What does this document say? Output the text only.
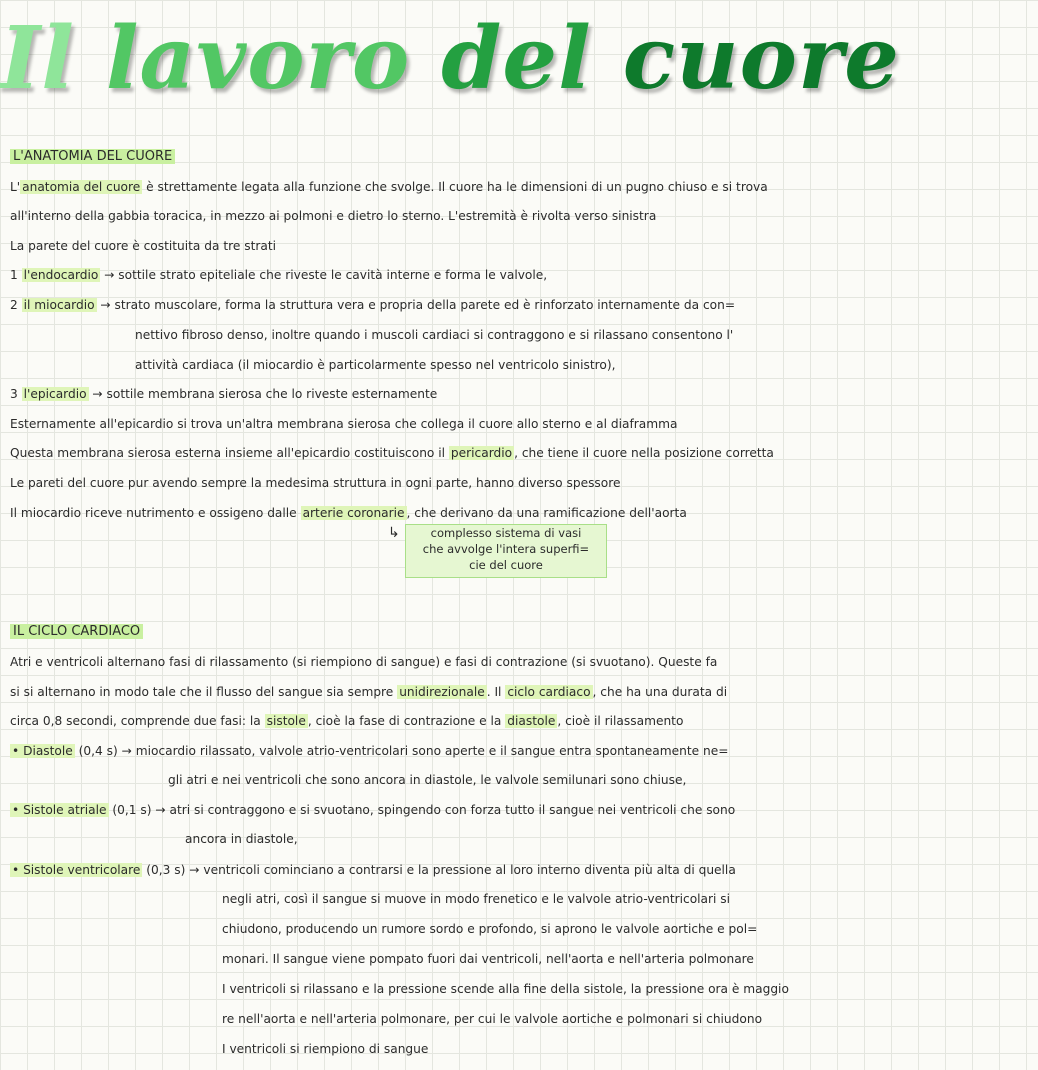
Il lavoro del cuore
L'ANATOMIA DEL CUORE
L' anatomia del cuore è strettamente legata alla funzione che svolge. Il cuore ha le dimensioni di un pugno chiuso e si trova
all'interno della gabbia toracica, in mezzo ai polmoni e dietro lo sterno. L'estremità è rivolta verso sinistra
La parete del cuore è costituita da tre strati
1 l'endocardio → sottile strato epiteliale che riveste le cavità interne e forma le valvole,
2 il miocardio → strato muscolare, forma la struttura vera e propria della parete ed è rinforzato internamente da con=
nettivo fibroso denso, inoltre quando i muscoli cardiaci si contraggono e si rilassano consentono l'
attività cardiaca (il miocardio è particolarmente spesso nel ventricolo sinistro),
3 l'epicardio → sottile membrana sierosa che lo riveste esternamente
Esternamente all'epicardio si trova un'altra membrana sierosa che collega il cuore allo sterno e al diaframma
Questa membrana sierosa esterna insieme all'epicardio costituiscono il pericardio , che tiene il cuore nella posizione corretta
Le pareti del cuore pur avendo sempre la medesima struttura in ogni parte, hanno diverso spessore
Il miocardio riceve nutrimento e ossigeno dalle arterie coronarie , che derivano da una ramificazione dell'aorta
↳	complesso sistema di vasi
che avvolge l'intera superfi=
cie del cuore
IL CICLO CARDIACO
Atri e ventricoli alternano fasi di rilassamento (si riempiono di sangue) e fasi di contrazione (si svuotano). Queste fa
si si alternano in modo tale che il flusso del sangue sia sempre unidirezionale . Il ciclo cardiaco , che ha una durata di
circa 0,8 secondi, comprende due fasi: la sistole , cioè la fase di contrazione e la diastole , cioè il rilassamento
• Diastole (0,4 s) → miocardio rilassato, valvole atrio-ventricolari sono aperte e il sangue entra spontaneamente ne=
gli atri e nei ventricoli che sono ancora in diastole, le valvole semilunari sono chiuse,
• Sistole atriale (0,1 s) → atri si contraggono e si svuotano, spingendo con forza tutto il sangue nei ventricoli che sono
ancora in diastole,
• Sistole ventricolare (0,3 s) → ventricoli cominciano a contrarsi e la pressione al loro interno diventa più alta di quella
negli atri, così il sangue si muove in modo frenetico e le valvole atrio-ventricolari si
chiudono, producendo un rumore sordo e profondo, si aprono le valvole aortiche e pol=
monari. Il sangue viene pompato fuori dai ventricoli, nell'aorta e nell'arteria polmonare
I ventricoli si rilassano e la pressione scende alla fine della sistole, la pressione ora è maggio
re nell'aorta e nell'arteria polmonare, per cui le valvole aortiche e polmonari si chiudono
I ventricoli si riempiono di sangue
